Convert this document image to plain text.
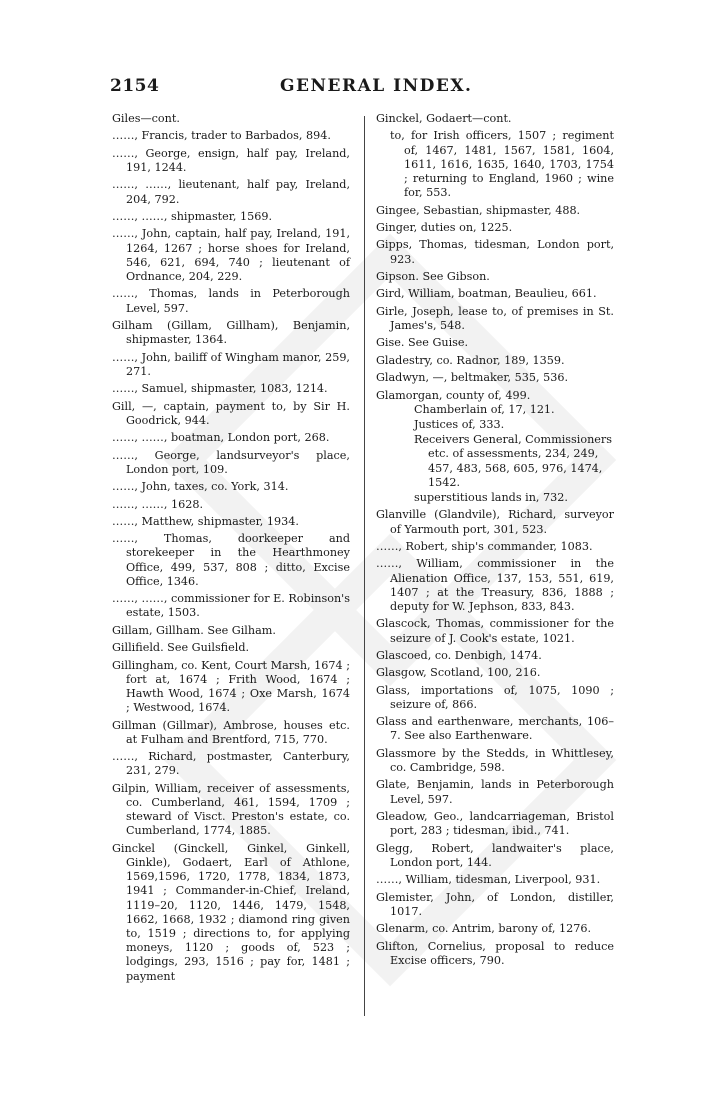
2154	GENERAL INDEX.

Giles—cont.

……, Francis, trader to Barbados, 894.

……, George, ensign, half pay, Ireland, 191, 1244.

……, ……, lieutenant, half pay, Ireland, 204, 792.

……, ……, shipmaster, 1569.

……, John, captain, half pay, Ireland, 191, 1264, 1267 ; horse shoes for Ireland, 546, 621, 694, 740 ; lieutenant of Ordnance, 204, 229.

……, Thomas, lands in Peterborough Level, 597.

Gilham (Gillam, Gillham), Benjamin, shipmaster, 1364.

……, John, bailiff of Wingham manor, 259, 271.

……, Samuel, shipmaster, 1083, 1214.

Gill, —, captain, payment to, by Sir H. Goodrick, 944.

……, ……, boatman, London port, 268.

……, George, landsurveyor's place, London port, 109.

……, John, taxes, co. York, 314.

……, ……, 1628.

……, Matthew, shipmaster, 1934.

……, Thomas, doorkeeper and storekeeper in the Hearthmoney Office, 499, 537, 808 ; ditto, Excise Office, 1346.

……, ……, commissioner for E. Robinson's estate, 1503.

Gillam, Gillham. See Gilham.

Gillifield. See Guilsfield.

Gillingham, co. Kent, Court Marsh, 1674 ; fort at, 1674 ; Frith Wood, 1674 ; Hawth Wood, 1674 ; Oxe Marsh, 1674 ; Westwood, 1674.

Gillman (Gillmar), Ambrose, houses etc. at Fulham and Brentford, 715, 770.

……, Richard, postmaster, Canterbury, 231, 279.

Gilpin, William, receiver of assessments, co. Cumberland, 461, 1594, 1709 ; steward of Visct. Preston's estate, co. Cumberland, 1774, 1885.

Ginckel (Ginckell, Ginkel, Ginkell, Ginkle), Godaert, Earl of Athlone, 1569,1596, 1720, 1778, 1834, 1873, 1941 ; Commander-in-Chief, Ireland, 1119–20, 1120, 1446, 1479, 1548, 1662, 1668, 1932 ; diamond ring given to, 1519 ; directions to, for applying moneys, 1120 ; goods of, 523 ; lodgings, 293, 1516 ; pay for, 1481 ; payment

Ginckel, Godaert—cont.

to, for Irish officers, 1507 ; regiment of, 1467, 1481, 1567, 1581, 1604, 1611, 1616, 1635, 1640, 1703, 1754 ; returning to England, 1960 ; wine for, 553.

Gingee, Sebastian, shipmaster, 488.

Ginger, duties on, 1225.

Gipps, Thomas, tidesman, London port, 923.

Gipson. See Gibson.

Gird, William, boatman, Beaulieu, 661.

Girle, Joseph, lease to, of premises in St. James's, 548.

Gise. See Guise.

Gladestry, co. Radnor, 189, 1359.

Gladwyn, —, beltmaker, 535, 536.

Glamorgan, county of, 499.

Chamberlain of, 17, 121.

Justices of, 333.

Receivers General, Commissioners etc. of assessments, 234, 249, 457, 483, 568, 605, 976, 1474, 1542.

superstitious lands in, 732.

Glanville (Glandvile), Richard, surveyor of Yarmouth port, 301, 523.

……, Robert, ship's commander, 1083.

……, William, commissioner in the Alienation Office, 137, 153, 551, 619, 1407 ; at the Treasury, 836, 1888 ; deputy for W. Jephson, 833, 843.

Glascock, Thomas, commissioner for the seizure of J. Cook's estate, 1021.

Glascoed, co. Denbigh, 1474.

Glasgow, Scotland, 100, 216.

Glass, importations of, 1075, 1090 ; seizure of, 866.

Glass and earthenware, merchants, 106–7. See also Earthenware.

Glassmore by the Stedds, in Whittlesey, co. Cambridge, 598.

Glate, Benjamin, lands in Peterborough Level, 597.

Gleadow, Geo., landcarriageman, Bristol port, 283 ; tidesman, ibid., 741.

Glegg, Robert, landwaiter's place, London port, 144.

……, William, tidesman, Liverpool, 931.

Glemister, John, of London, distiller, 1017.

Glenarm, co. Antrim, barony of, 1276.

Glifton, Cornelius, proposal to reduce Excise officers, 790.
